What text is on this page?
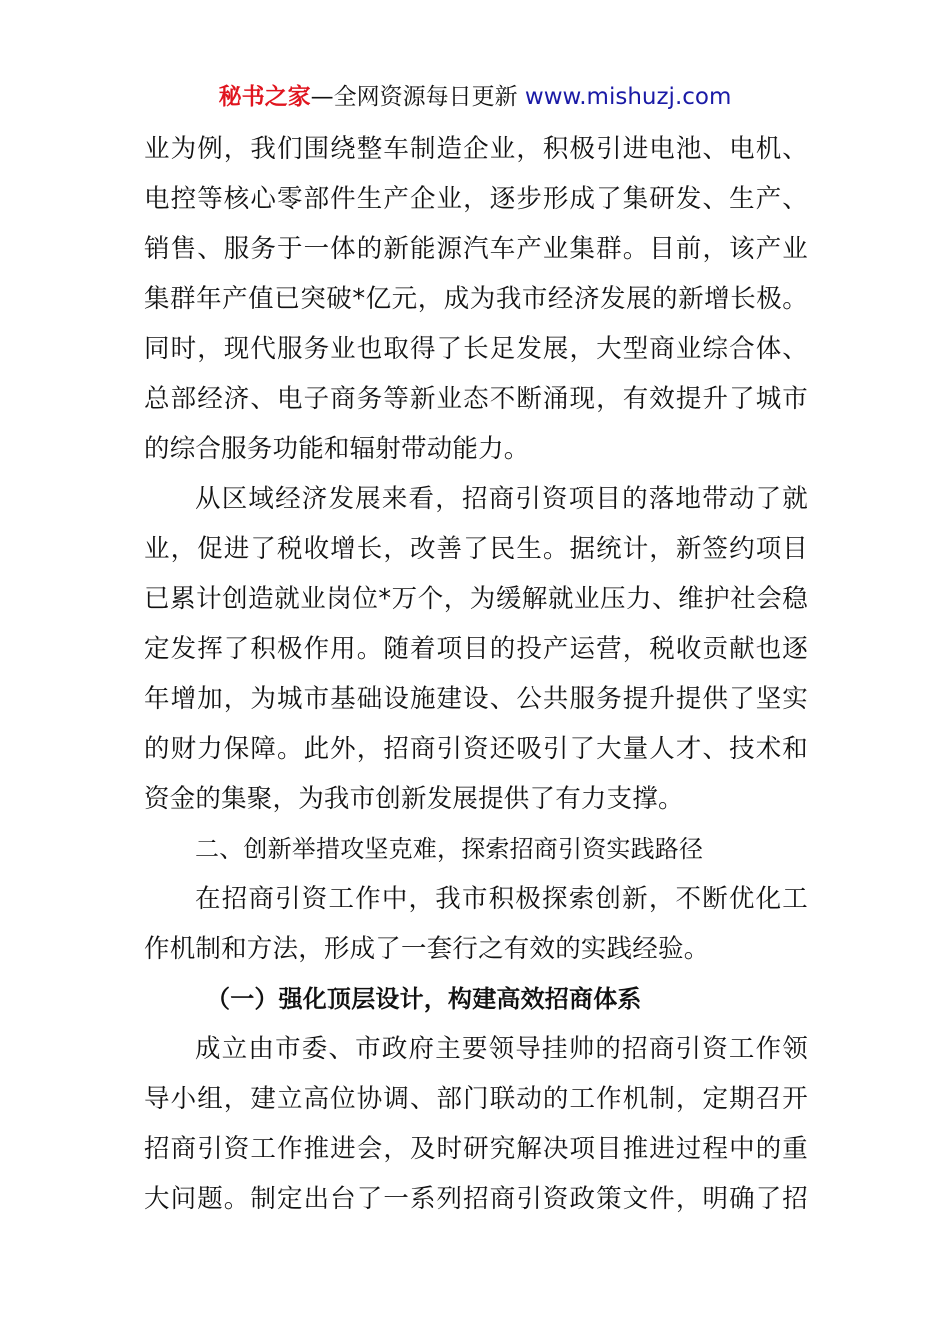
秘书之家—全网资源每日更新 www.mishuzj.com
业为例，我们围绕整车制造企业，积极引进电池、电机、
电控等核心零部件生产企业，逐步形成了集研发、生产、
销售、服务于一体的新能源汽车产业集群。目前，该产业
集群年产值已突破*亿元，成为我市经济发展的新增长极。
同时，现代服务业也取得了长足发展，大型商业综合体、
总部经济、电子商务等新业态不断涌现，有效提升了城市
的综合服务功能和辐射带动能力。
从区域经济发展来看，招商引资项目的落地带动了就
业，促进了税收增长，改善了民生。据统计，新签约项目
已累计创造就业岗位*万个，为缓解就业压力、维护社会稳
定发挥了积极作用。随着项目的投产运营，税收贡献也逐
年增加，为城市基础设施建设、公共服务提升提供了坚实
的财力保障。此外，招商引资还吸引了大量人才、技术和
资金的集聚，为我市创新发展提供了有力支撑。
二、创新举措攻坚克难，探索招商引资实践路径
在招商引资工作中，我市积极探索创新，不断优化工
作机制和方法，形成了一套行之有效的实践经验。
（一）强化顶层设计，构建高效招商体系
成立由市委、市政府主要领导挂帅的招商引资工作领
导小组，建立高位协调、部门联动的工作机制，定期召开
招商引资工作推进会，及时研究解决项目推进过程中的重
大问题。制定出台了一系列招商引资政策文件，明确了招
